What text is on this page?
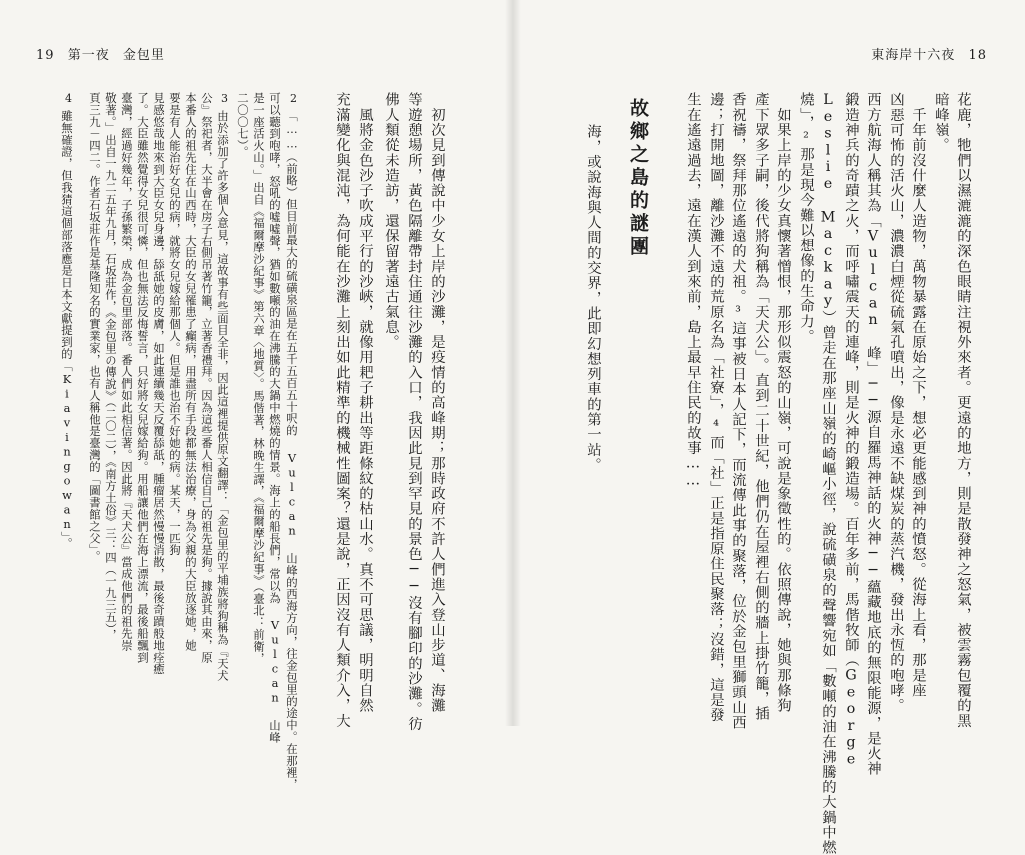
19 第一夜 金包里	東海岸十六夜 18
花鹿，牠們以濕漉漉的深色眼睛注視外來者。更遠的地方，則是散發神之怒氣，被雲霧包覆的黑
暗峰嶺。
　千年前沒什麼人造物，萬物暴露在原始之下，想必更能感到神的憤怒。從海上看，那是座
凶惡可怖的活火山，濃濃白煙從硫氣孔噴出，像是永遠不缺煤炭的蒸汽機，發出永恆的咆哮。
西方航海人稱其為「Vulcan 峰」──源自羅馬神話的火神──蘊藏地底的無限能源，是火神
鍛造神兵的奇蹟之火，而呼嘯震天的連峰，則是火神的鍛造場。百年多前，馬偕牧師（George
Leslie Mackay）曾走在那座山嶺的崎嶇小徑，說硫磺泉的聲響宛如「數噸的油在沸騰的大鍋中燃
燒」，²那是現今難以想像的生命力。
　如果上岸的少女真懷著憎恨，那形似震怒的山嶺，可說是象徵性的。依照傳說，她與那條狗
產下眾多子嗣，後代將狗稱為「天犬公」。直到二十世紀，他們仍在屋裡右側的牆上掛竹籠，插
香祝禱，祭拜那位遙遠的犬祖。³這事被日本人記下，而流傳此事的聚落，位於金包里獅頭山西
邊；打開地圖，離沙灘不遠的荒原名為「社寮」，⁴而「社」正是指原住民聚落；沒錯，這是發
生在遙遠過去，遠在漢人到來前，島上最早住民的故事……
故鄉之島的謎團
海，或說海與人間的交界，此即幻想列車的第一站。
　初次見到傳說中少女上岸的沙灘，是疫情的高峰期；那時政府不許人們進入登山步道、海灘
等遊憩場所，黃色隔離帶封住通往沙灘的入口，我因此見到罕見的景色──沒有腳印的沙灘。彷
佛人類從未造訪，還保留著遠古氣息。
　風將金色沙子吹成平行的沙峽，就像用耙子耕出等距條紋的枯山水。真不可思議，明明自然
充滿變化與混沌，為何能在沙灘上刻出如此精準的機械性圖案？還是說，正因沒有人類介入，大
2
「……（前略）但目前最大的硫磺泉區是在五千五百五十呎的 Vulcan 山峰的西海方向，往金包里的途中。在那裡，
可以聽到咆哮，怒吼的噓噓聲，猶如數噸的油在沸騰的大鍋中燃燒的情景。海上的船長們，常以為 Vulcan 山峰
是一座活火山。」出自《福爾摩沙紀事》第六章〈地質〉。馬偕著，林晚生譯，《福爾摩沙紀事》（臺北：前衛，
二〇〇七）。
3
由於添加了許多個人意見，這故事有些面目全非，因此這裡提供原文翻譯：「金包里的平埔族將狗稱為『天犬
公』祭祀者，大半會在房子右側吊著竹籠，立著香禮拜。因為這些番人相信自己的祖先是狗。據說其由來，原
本番人的祖先住在山西時，大臣的女兒罹患了癲病，用盡所有手段都無法治療，身為父親的大臣放逐她，她
要是有人能治好女兒的病，就將女兒嫁給那個人。但是誰也治不好她的病。某天，一匹狗
見感悠哉地來到大臣女兒身邊，舔舐她的皮膚，如此連續幾天反覆舔舐，腫瘤居然慢慢消散，最後奇蹟般地痊癒
了。大臣雖然覺得女兒很可憐，但也無法反悔誓言，只好將女兒嫁給狗。用船讓他們在海上漂流，最後船飄到
臺灣，經過好幾年，子孫繁榮，成為金包里部落。番人們如此相信著。因此將『天犬公』當成他們的祖先崇
敬著。」出自一九二五年九月，石坂莊作，《金包里の傳說》（二〇二），《南方土俗》三：四（一九三五），
頁三九－四二。作者石坂莊作是基隆知名的實業家，也有人稱他是臺灣的「圖書館之父」。
4
雖無確證，但我猜這個部落應是日本文獻提到的「Kiavingowan」。
